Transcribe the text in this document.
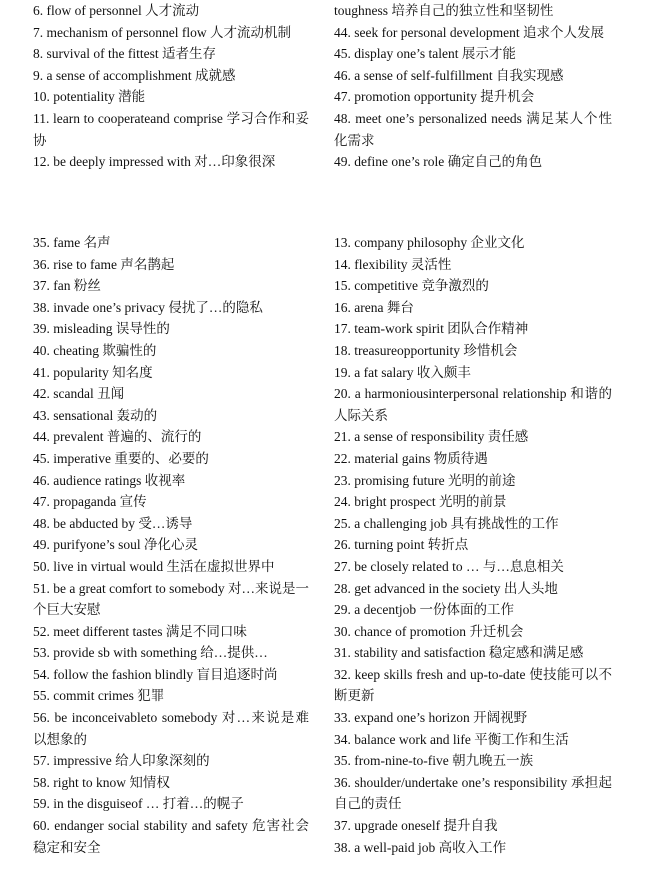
6. flow of personnel 人才流动
7. mechanism of personnel flow 人才流动机制
8. survival of the fittest 适者生存
9. a sense of accomplishment 成就感
10. potentiality 潜能
11. learn to cooperateand comprise 学习合作和妥协
12. be deeply impressed with 对…印象很深
toughness 培养自己的独立性和坚韧性
44. seek for personal development 追求个人发展
45. display one’s talent 展示才能
46. a sense of self-fulfillment 自我实现感
47. promotion opportunity 提升机会
48. meet one’s personalized needs 满足某人个性化需求
49. define one’s role 确定自己的角色
35. fame 名声
36. rise to fame 声名鹊起
37. fan 粉丝
38. invade one’s privacy 侵扰了…的隐私
39. misleading 误导性的
40. cheating 欺骗性的
41. popularity 知名度
42. scandal 丑闻
43. sensational 轰动的
44. prevalent 普遍的、流行的
45. imperative 重要的、必要的
46. audience ratings 收视率
47. propaganda 宣传
48. be abducted by 受…诱导
49. purifyone’s soul 净化心灵
50. live in virtual would 生活在虚拟世界中
51. be a great comfort to somebody 对…来说是一个巨大安慰
52. meet different tastes 满足不同口味
53. provide sb with something 给…提供…
54. follow the fashion blindly 盲目追逐时尚
55. commit crimes 犯罪
56. be inconceivableto somebody 对…来说是难以想象的
57. impressive 给人印象深刻的
58. right to know 知情权
59. in the disguiseof … 打着…的幌子
60. endanger social stability and safety 危害社会稳定和安全
13. company philosophy 企业文化
14. flexibility 灵活性
15. competitive 竞争激烈的
16. arena 舞台
17. team-work spirit 团队合作精神
18. treasureopportunity 珍惜机会
19. a fat salary 收入颇丰
20. a harmoniousinterpersonal relationship 和谐的人际关系
21. a sense of responsibility 责任感
22. material gains 物质待遇
23. promising future 光明的前途
24. bright prospect 光明的前景
25. a challenging job 具有挑战性的工作
26. turning point 转折点
27. be closely related to … 与…息息相关
28. get advanced in the society 出人头地
29. a decentjob 一份体面的工作
30. chance of promotion 升迁机会
31. stability and satisfaction 稳定感和满足感
32. keep skills fresh and up-to-date 使技能可以不断更新
33. expand one’s horizon 开阔视野
34. balance work and life 平衡工作和生活
35. from-nine-to-five 朝九晚五一族
36. shoulder/undertake one’s responsibility 承担起自己的责任
37. upgrade oneself 提升自我
38. a well-paid job 高收入工作
